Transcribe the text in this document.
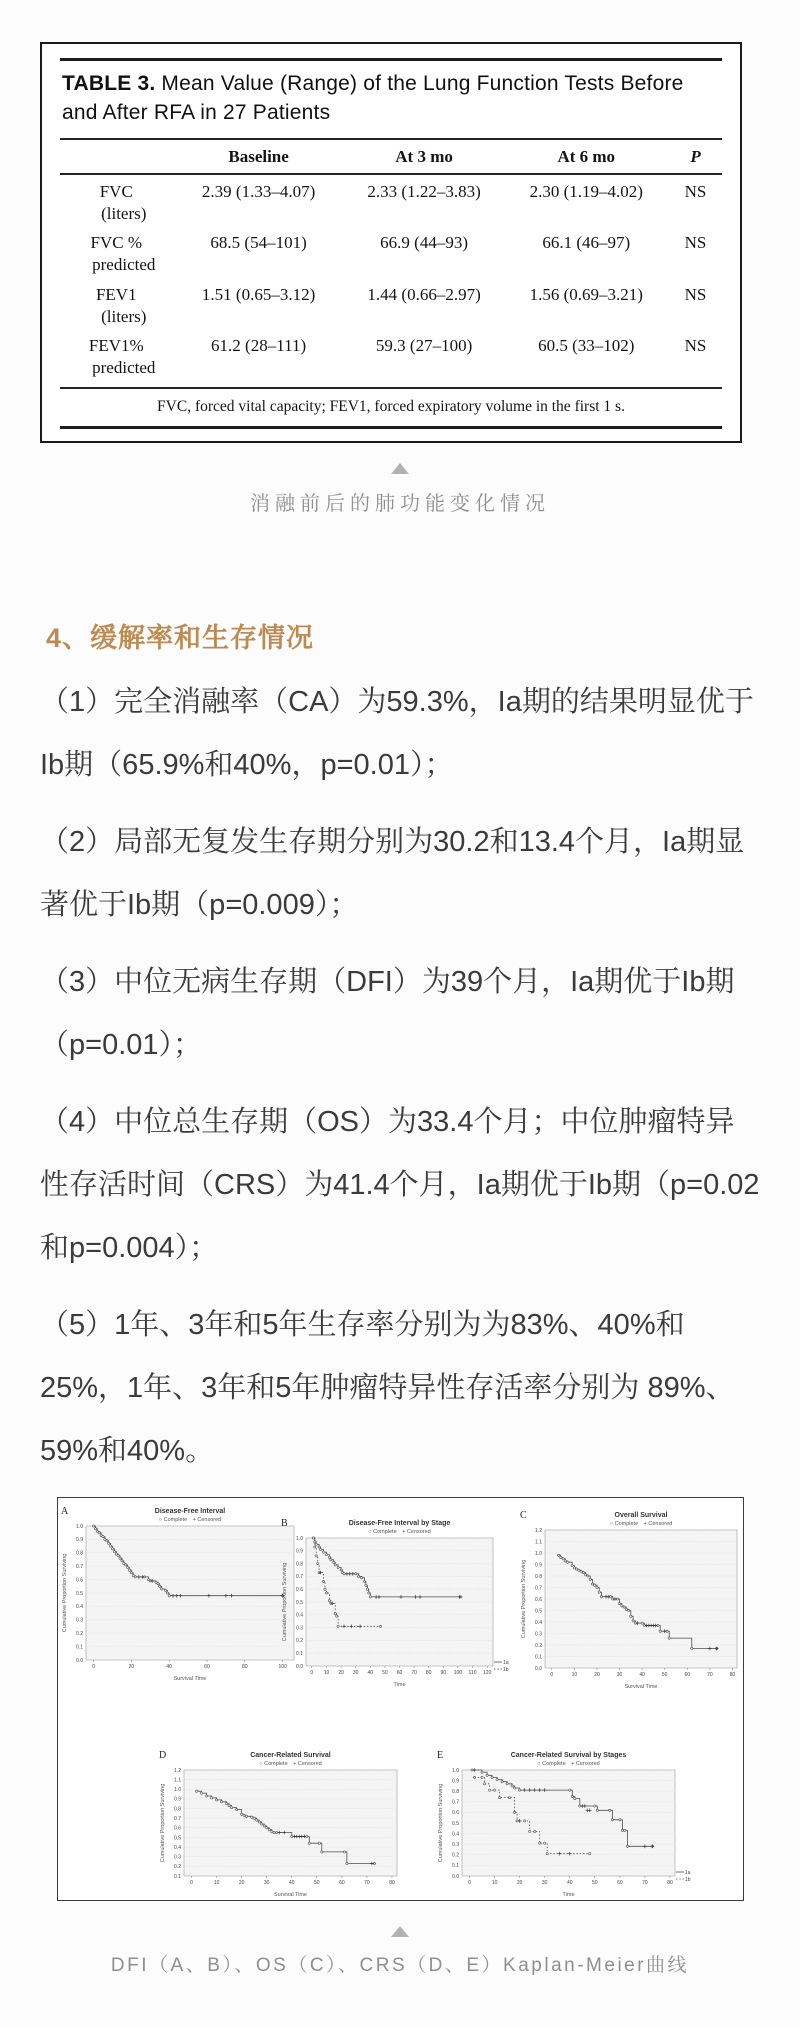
TABLE 3. Mean Value (Range) of the Lung Function Tests Before and After RFA in 27 Patients
	Baseline	At 3 mo	At 6 mo	P

FVC
(liters)	2.39 (1.33–4.07)	2.33 (1.22–3.83)	2.30 (1.19–4.02)	NS
FVC %
predicted	68.5 (54–101)	66.9 (44–93)	66.1 (46–97)	NS
FEV1
(liters)	1.51 (0.65–3.12)	1.44 (0.66–2.97)	1.56 (0.69–3.21)	NS
FEV1%
predicted	61.2 (28–111)	59.3 (27–100)	60.5 (33–102)	NS
FVC, forced vital capacity; FEV1, forced expiratory volume in the first 1 s.
消融前后的肺功能变化情况
4、缓解率和生存情况

（1）完全消融率（CA）为59.3%，Ia期的结果明显优于Ib期（65.9%和40%，p=0.01）；

（2）局部无复发生存期分别为30.2和13.4个月，Ia期显著优于Ib期（p=0.009）；

（3）中位无病生存期（DFI）为39个月，Ia期优于Ib期（p=0.01）；

（4）中位总生存期（OS）为33.4个月；中位肿瘤特异性存活时间（CRS）为41.4个月，Ia期优于Ib期（p=0.02和p=0.004）；

（5）1年、3年和5年生存率分别为为83%、40%和25%，1年、3年和5年肿瘤特异性存活率分别为 89%、59%和40%。

A	Disease-Free Interval
○ Complete + Censored
0.0
0.1
0.2
0.3
0.4
0.5
0.6
0.7
0.8
0.9
1.0
0	20	40	60	80	100
Cumulative Proportion Surviving
Survival Time
B	Disease-Free Interval by Stage
○ Complete + Censored
0.0
0.1
0.2
0.3
0.4
0.5
0.6
0.7
0.8
0.9
1.0
0 10 20 30 40 50 60 70 80 90 100 110 120
Cumulative Proportion Surviving
Time
1a
1b
C	Overall Survival
○ Complete + Censored
0.0
0.1
0.2
0.3
0.4
0.5
0.6
0.7
0.8
0.9
1.0
1.1
1.2
0	10	20	30	40	50	60	70	80
Cumulative Proportion Surviving
Survival Time
D	Cancer-Related Survival
○ Complete + Censored
0.1
0.2
0.3
0.4
0.5
0.6
0.7
0.8
0.9
1.0
1.1
1.2
0	10	20	30	40	50	60	70	80
Cumulative Proportion Surviving
Survival Time
E	Cancer-Related Survival by Stages
○ Complete + Censored
0.0
0.1
0.2
0.3
0.4
0.5
0.6
0.7
0.8
0.9
1.0
0	10	20	30	40	50	60	70	80
Cumulative Proportion Surviving
Time
1a
1b
DFI（A、B）、OS（C）、CRS（D、E）Kaplan-Meier曲线
